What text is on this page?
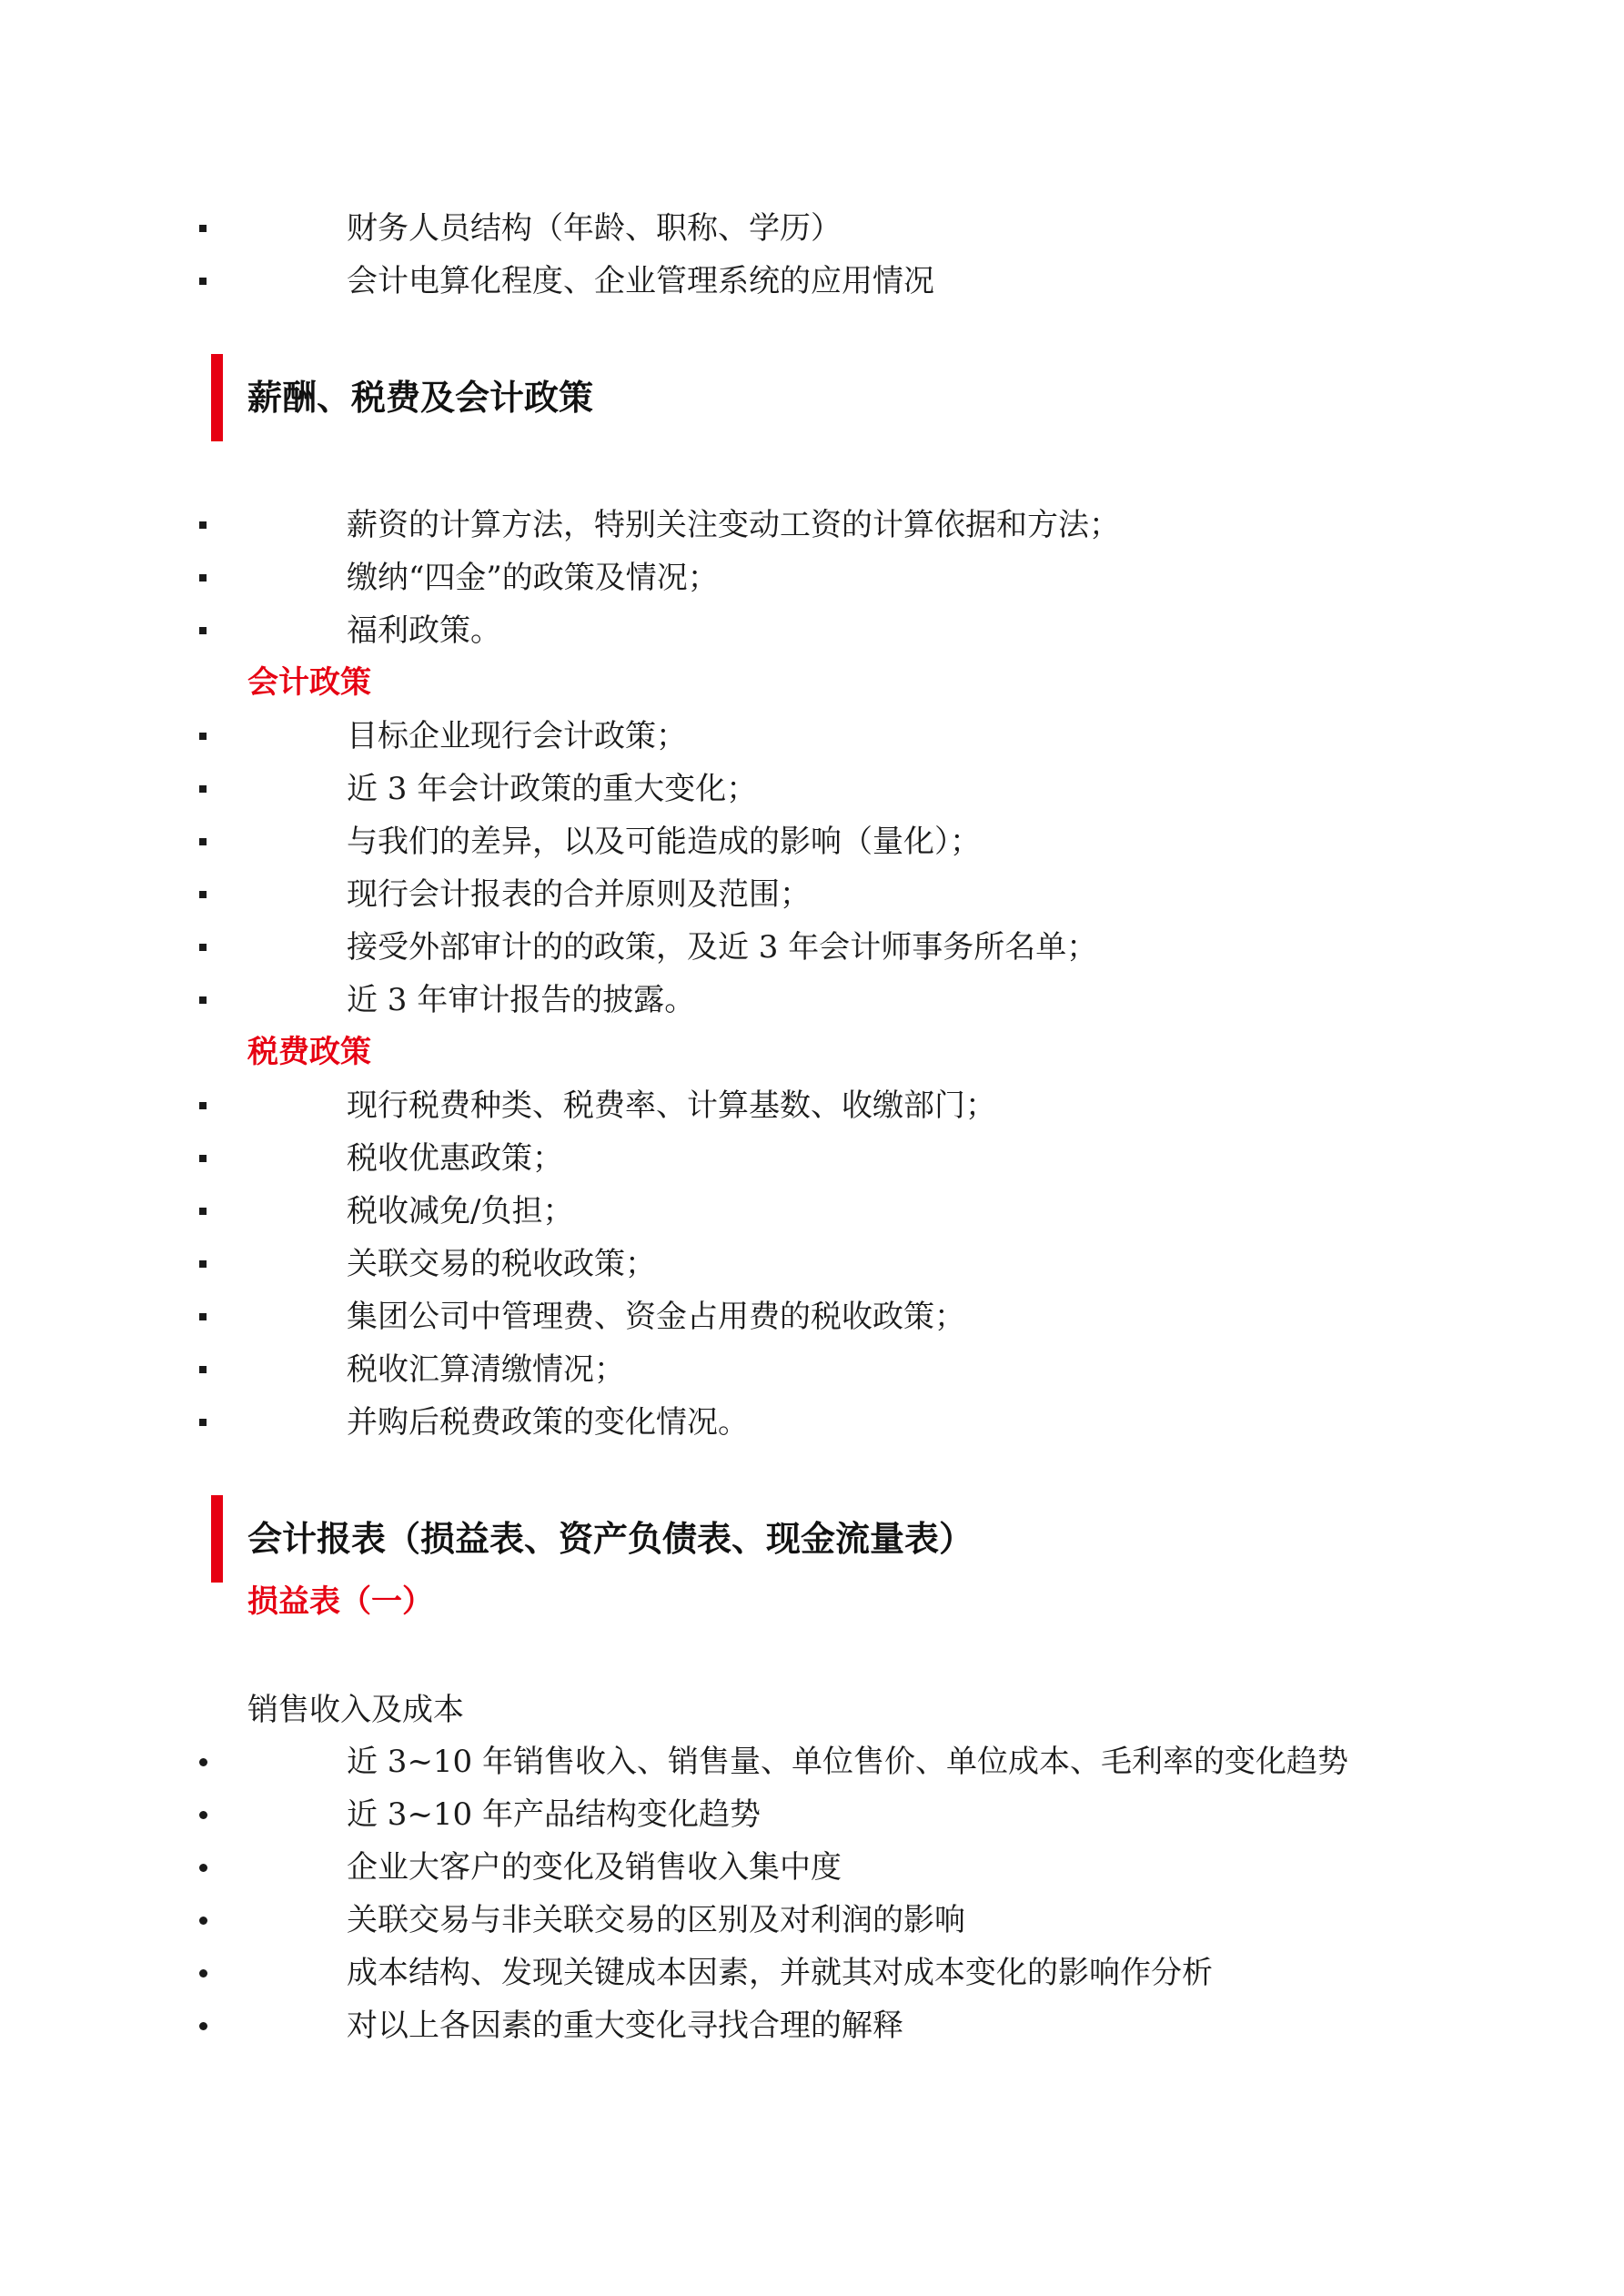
财务人员结构（年龄、职称、学历）
会计电算化程度、企业管理系统的应用情况
薪酬、税费及会计政策
薪资的计算方法，特别关注变动工资的计算依据和方法；
缴纳“四金”的政策及情况；
福利政策。
会计政策
目标企业现行会计政策；
近 3 年会计政策的重大变化；
与我们的差异，以及可能造成的影响（量化）；
现行会计报表的合并原则及范围；
接受外部审计的的政策，及近 3 年会计师事务所名单；
近 3 年审计报告的披露。
税费政策
现行税费种类、税费率、计算基数、收缴部门；
税收优惠政策；
税收减免/负担；
关联交易的税收政策；
集团公司中管理费、资金占用费的税收政策；
税收汇算清缴情况；
并购后税费政策的变化情况。
会计报表（损益表、资产负债表、现金流量表）
损益表（一）
销售收入及成本
近 3~10 年销售收入、销售量、单位售价、单位成本、毛利率的变化趋势
近 3~10 年产品结构变化趋势
企业大客户的变化及销售收入集中度
关联交易与非关联交易的区别及对利润的影响
成本结构、发现关键成本因素，并就其对成本变化的影响作分析
对以上各因素的重大变化寻找合理的解释
